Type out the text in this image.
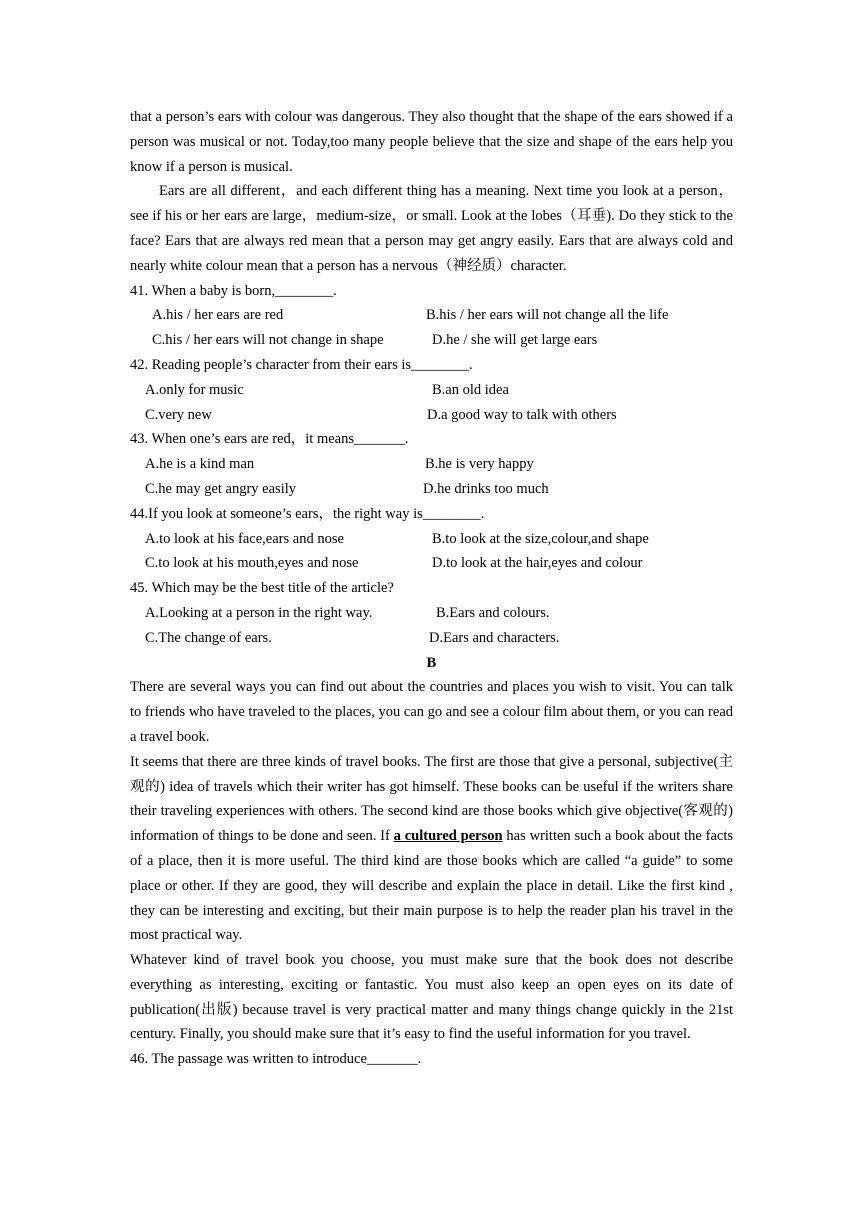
that a person’s ears with colour was dangerous. They also thought that the shape of the ears showed if a person was musical or not. Today,too many people believe that the size and shape of the ears help you know if a person is musical.

Ears are all different，and each different thing has a meaning. Next time you look at a person，see if his or her ears are large，medium-size，or small. Look at the lobes（耳垂). Do they stick to the face? Ears that are always red mean that a person may get angry easily. Ears that are always cold and nearly white colour mean that a person has a nervous（神经质）character.

41. When a baby is born,________.

A.his / her ears are red	B.his / her ears will not change all the life
C.his / her ears will not change in shape	D.he / she will get large ears

42. Reading people’s character from their ears is________.

A.only for music	B.an old idea
C.very new	D.a good way to talk with others

43. When one’s ears are red，it means_______.

A.he is a kind man	B.he is very happy
C.he may get angry easily	D.he drinks too much

44.If you look at someone’s ears，the right way is________.

A.to look at his face,ears and nose	B.to look at the size,colour,and shape
C.to look at his mouth,eyes and nose	D.to look at the hair,eyes and colour

45. Which may be the best title of the article?

A.Looking at a person in the right way.	B.Ears and colours.
C.The change of ears.	D.Ears and characters.

B

There are several ways you can find out about the countries and places you wish to visit. You can talk to friends who have traveled to the places, you can go and see a colour film about them, or you can read a travel book.

It seems that there are three kinds of travel books. The first are those that give a personal, subjective(主观的) idea of travels which their writer has got himself. These books can be useful if the writers share their traveling experiences with others. The second kind are those books which give objective(客观的) information of things to be done and seen. If a cultured person has written such a book about the facts of a place, then it is more useful. The third kind are those books which are called “a guide” to some place or other. If they are good, they will describe and explain the place in detail. Like the first kind , they can be interesting and exciting, but their main purpose is to help the reader plan his travel in the most practical way.

Whatever kind of travel book you choose, you must make sure that the book does not describe everything as interesting, exciting or fantastic. You must also keep an open eyes on its date of publication(出版) because travel is very practical matter and many things change quickly in the 21st century. Finally, you should make sure that it’s easy to find the useful information for you travel.

46. The passage was written to introduce_______.
